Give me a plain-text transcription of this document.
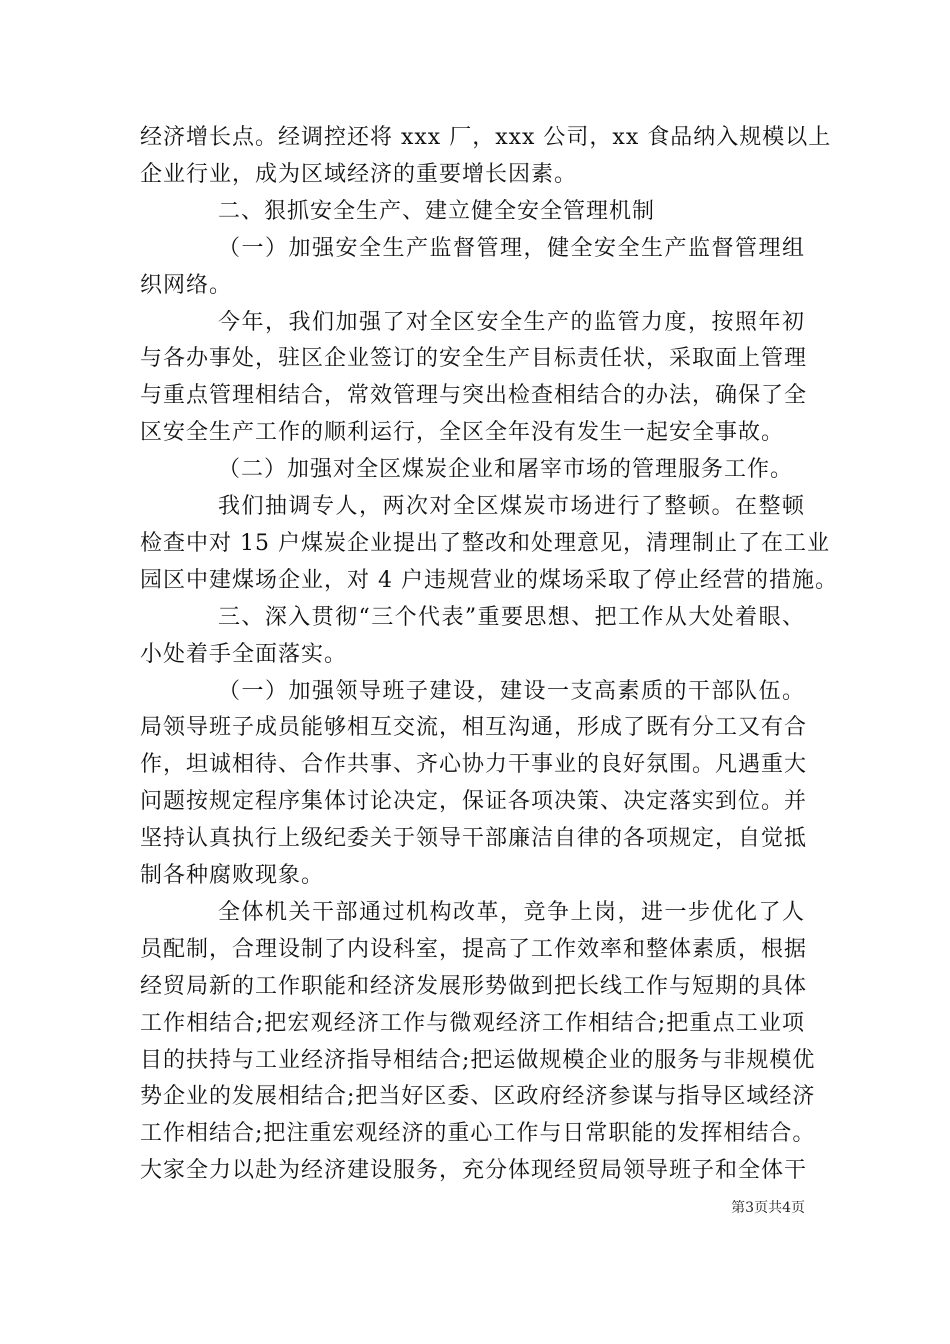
经济增长点。经调控还将 xxx 厂，xxx 公司，xx 食品纳入规模以上
企业行业，成为区域经济的重要增长因素。
二、狠抓安全生产、建立健全安全管理机制
（一）加强安全生产监督管理，健全安全生产监督管理组
织网络。
今年，我们加强了对全区安全生产的监管力度，按照年初
与各办事处，驻区企业签订的安全生产目标责任状，采取面上管理
与重点管理相结合，常效管理与突出检查相结合的办法，确保了全
区安全生产工作的顺利运行，全区全年没有发生一起安全事故。
（二）加强对全区煤炭企业和屠宰市场的管理服务工作。
我们抽调专人，两次对全区煤炭市场进行了整顿。在整顿
检查中对 15 户煤炭企业提出了整改和处理意见，清理制止了在工业
园区中建煤场企业，对 4 户违规营业的煤场采取了停止经营的措施。
三、深入贯彻“三个代表”重要思想、把工作从大处着眼、
小处着手全面落实。
（一）加强领导班子建设，建设一支高素质的干部队伍。
局领导班子成员能够相互交流，相互沟通，形成了既有分工又有合
作，坦诚相待、合作共事、齐心协力干事业的良好氛围。凡遇重大
问题按规定程序集体讨论决定，保证各项决策、决定落实到位。并
坚持认真执行上级纪委关于领导干部廉洁自律的各项规定，自觉抵
制各种腐败现象。
全体机关干部通过机构改革，竞争上岗，进一步优化了人
员配制，合理设制了内设科室，提高了工作效率和整体素质，根据
经贸局新的工作职能和经济发展形势做到把长线工作与短期的具体
工作相结合;把宏观经济工作与微观经济工作相结合;把重点工业项
目的扶持与工业经济指导相结合;把运做规模企业的服务与非规模优
势企业的发展相结合;把当好区委、区政府经济参谋与指导区域经济
工作相结合;把注重宏观经济的重心工作与日常职能的发挥相结合。
大家全力以赴为经济建设服务，充分体现经贸局领导班子和全体干
第3页共4页
